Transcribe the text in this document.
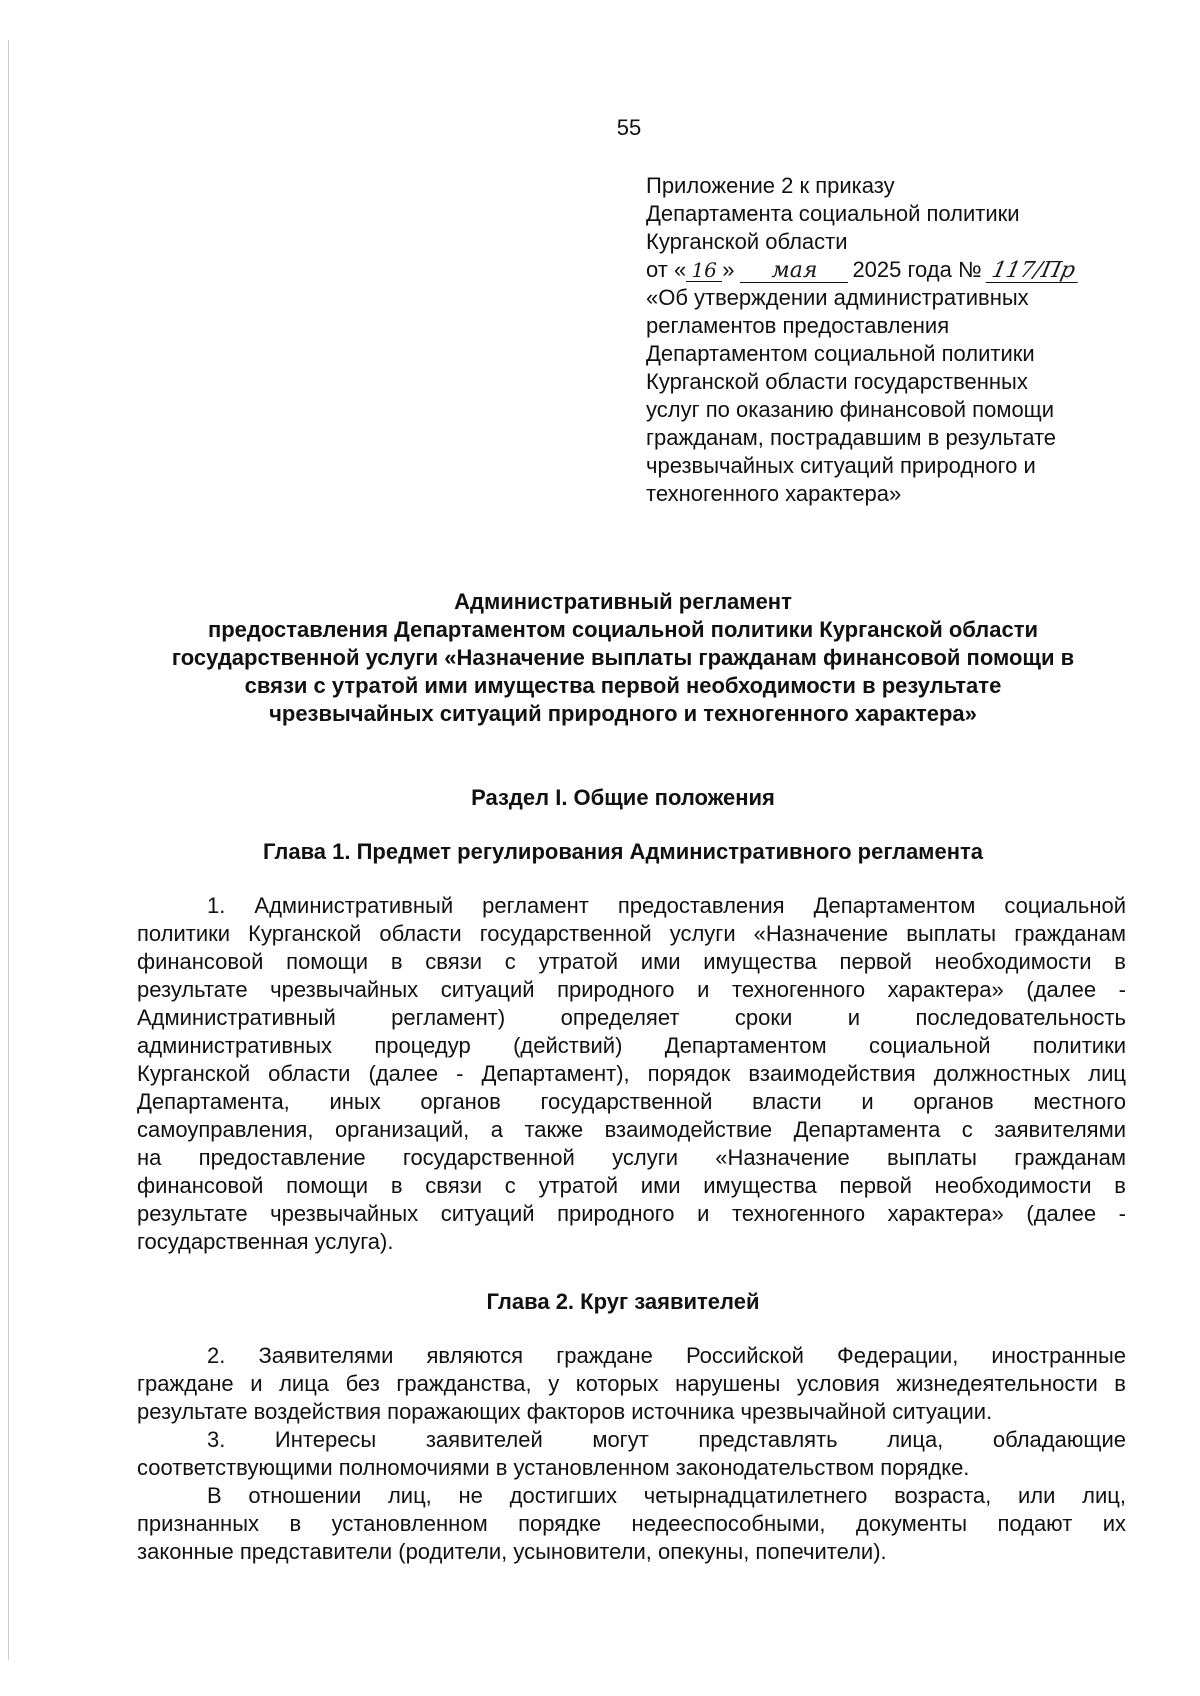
55
Приложение 2 к приказу
Департамента социальной политики
Курганской области
от « 16 » мая 2025 года № 117/Пр
«Об утверждении административных
регламентов предоставления
Департаментом социальной политики
Курганской области государственных
услуг по оказанию финансовой помощи
гражданам, пострадавшим в результате
чрезвычайных ситуаций природного и
техногенного характера»
Административный регламент
предоставления Департаментом социальной политики Курганской области
государственной услуги «Назначение выплаты гражданам финансовой помощи в
связи с утратой ими имущества первой необходимости в результате
чрезвычайных ситуаций природного и техногенного характера»
Раздел I. Общие положения
Глава 1. Предмет регулирования Административного регламента
1. Административный регламент предоставления Департаментом социальной
политики Курганской области государственной услуги «Назначение выплаты гражданам
финансовой помощи в связи с утратой ими имущества первой необходимости в
результате чрезвычайных ситуаций природного и техногенного характера» (далее -
Административный регламент) определяет сроки и последовательность
административных процедур (действий) Департаментом социальной политики
Курганской области (далее - Департамент), порядок взаимодействия должностных лиц
Департамента, иных органов государственной власти и органов местного
самоуправления, организаций, а также взаимодействие Департамента с заявителями
на предоставление государственной услуги «Назначение выплаты гражданам
финансовой помощи в связи с утратой ими имущества первой необходимости в
результате чрезвычайных ситуаций природного и техногенного характера» (далее -
государственная услуга).
Глава 2. Круг заявителей
2. Заявителями являются граждане Российской Федерации, иностранные
граждане и лица без гражданства, у которых нарушены условия жизнедеятельности в
результате воздействия поражающих факторов источника чрезвычайной ситуации.
3. Интересы заявителей могут представлять лица, обладающие
соответствующими полномочиями в установленном законодательством порядке.
В отношении лиц, не достигших четырнадцатилетнего возраста, или лиц,
признанных в установленном порядке недееспособными, документы подают их
законные представители (родители, усыновители, опекуны, попечители).
